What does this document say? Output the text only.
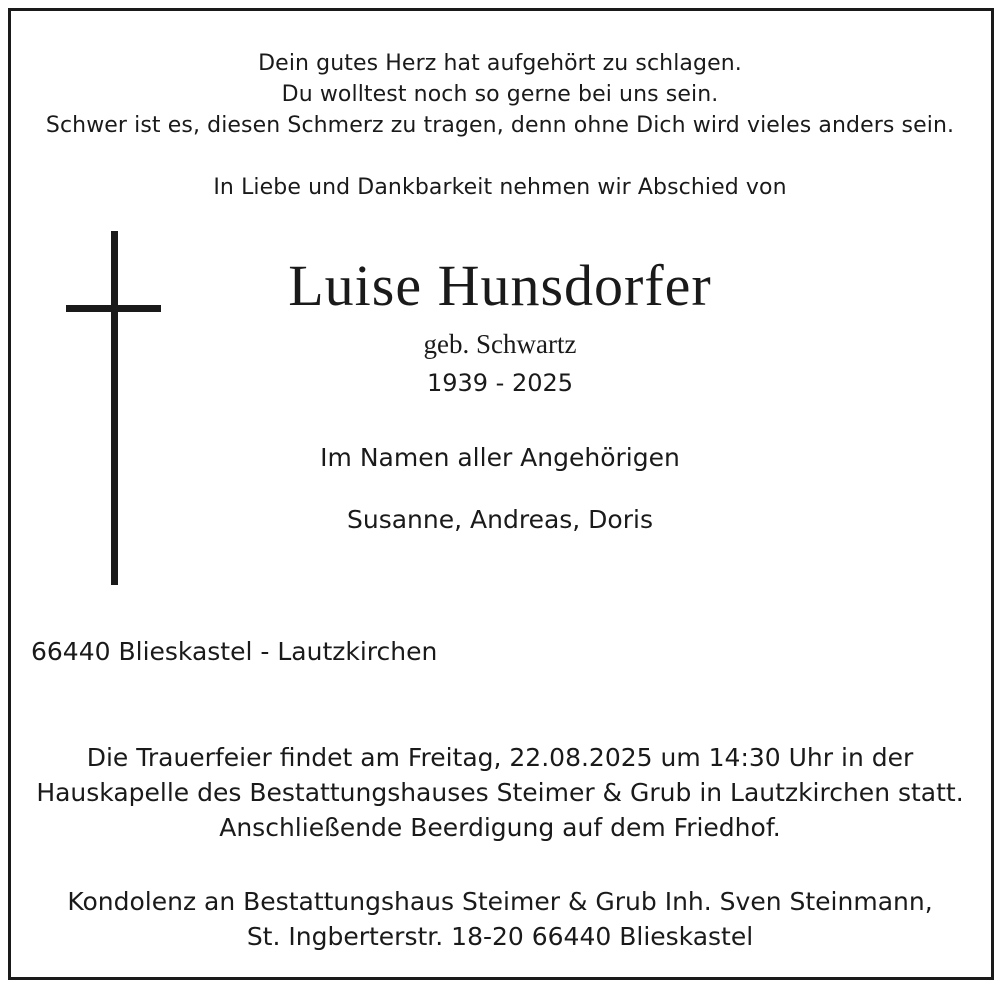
Dein gutes Herz hat aufgehört zu schlagen.
Du wolltest noch so gerne bei uns sein.
Schwer ist es, diesen Schmerz zu tragen, denn ohne Dich wird vieles anders sein.
In Liebe und Dankbarkeit nehmen wir Abschied von
Luise Hunsdorfer
geb. Schwartz
1939 - 2025
Im Namen aller Angehörigen
Susanne, Andreas, Doris
66440 Blieskastel - Lautzkirchen
Die Trauerfeier findet am Freitag, 22.08.2025 um 14:30 Uhr in der
Hauskapelle des Bestattungshauses Steimer & Grub in Lautzkirchen statt.
Anschließende Beerdigung auf dem Friedhof.
Kondolenz an Bestattungshaus Steimer & Grub Inh. Sven Steinmann,
St. Ingberterstr. 18-20 66440 Blieskastel
